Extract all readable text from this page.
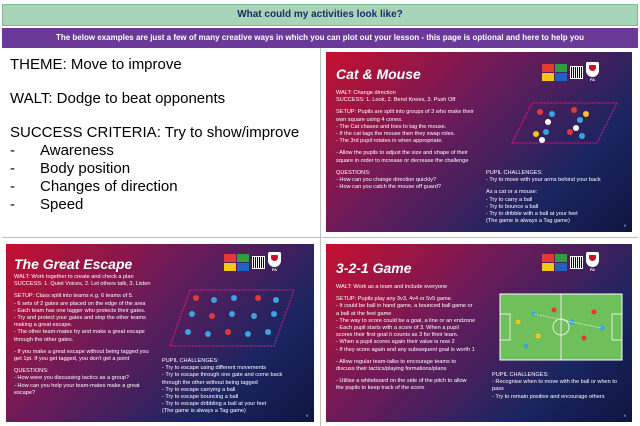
What could my activities look like?
The below examples are just a few of many creative ways in which you can plot out your lesson - this page is optional and here to help you
THEME: Move to improve
WALT: Dodge to beat opponents
SUCCESS CRITERIA: Try to show/improve
- Awareness
- Body position
- Changes of direction
- Speed
Cat & Mouse	FA
WALT: Change direction
SUCCESS: 1. Look, 2. Bend Knees, 3. Push Off
SETUP: Pupils are split into groups of 3 who make their
own square using 4 cones.
- The Cat chases and tries to tag the mouse.
- If the cat tags the mouse then they swap roles.
- The 3rd pupil rotates in when appropriate.
- Allow the pupils to adjust the size and shape of their
square in order to increase or decrease the challenge
QUESTIONS:
- How can you change direction quickly?
- How can you catch the mouse off guard?
PUPIL CHALLENGES:
- Try to move with your arms behind your back
As a cat or a mouse:
- Try to carry a ball
- Try to bounce a ball
- Try to dribble with a ball at your feet
(The game is always a Tag game)
9
The Great Escape	FA
WALT: Work together to create and check a plan
SUCCESS: 1. Quiet Voices, 2. Let others talk, 3. Listen
SETUP: Class split into teams e.g. 6 teams of 5.
- 6 sets of 2 gates are placed on the edge of the area
- Each team has one tagger who protects their gates.
- Try and protect your gates and stop the other teams
making a great escape.
- The other team-mates try and make a great escape
through the other gates.
- If you make a great escape without being tagged you
get 1pt. If you get tagged, you don't get a point
QUESTIONS:
- How were you discussing tactics as a group?
- How can you help your team-mates make a great
escape?
PUPIL CHALLENGES:
- Try to escape using different movements
- Try to escape through one gate and come back
through the other without being tagged
- Try to escape carrying a ball
- Try to escape bouncing a ball
- Try to escape dribbling a ball at your feet
(The game is always a Tag game)
9
3-2-1 Game	FA
WALT: Work as a team and include everyone
SETUP: Pupils play any 3v3, 4v4 or 5v5 game.
- It could be ball in hand game, a bounced ball game or
a ball at the feet game
- The way to score could be a goal, a line or an endzone
- Each pupil starts with a score of 3. When a pupil
scores their first goal it counts as 3 for their team.
- When a pupil scores again their value is now 2
- If they score again and any subsequent goal is worth 1
- Allow regular team-talks to encourage teams to
discuss their tactics/playing formations/plans
- Utilise a whiteboard on the side of the pitch to allow
the pupils to keep track of the score
PUPIL CHALLENGES:
- Recognise when to move with the ball or when to
pass
- Try to remain positive and encourage others
9
